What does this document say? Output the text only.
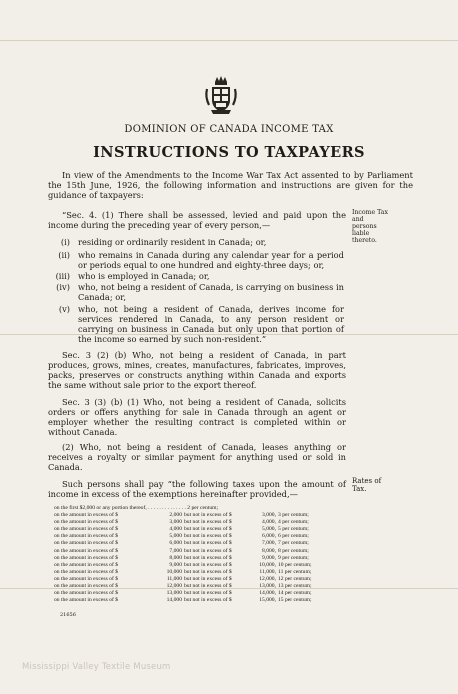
DOMINION OF CANADA INCOME TAX
INSTRUCTIONS TO TAXPAYERS

In view of the Amendments to the Income War Tax Act assented to by Parliament the 15th June, 1926, the following information and instructions are given for the guidance of taxpayers:

“Sec. 4. (1) There shall be assessed, levied and paid upon the income during the preceding year of every person,—

Income Tax and persons liable thereto.
(i) residing or ordinarily resident in Canada; or,
(ii) who remains in Canada during any calendar year for a period or periods equal to one hundred and eighty-three days; or,
(iii) who is employed in Canada; or,
(iv) who, not being a resident of Canada, is carrying on business in Canada; or,
(v) who, not being a resident of Canada, derives income for services rendered in Canada, to any person resident or carrying on business in Canada but only upon that portion of the income so earned by such non-resident.”

Sec. 3 (2) (b) Who, not being a resident of Canada, in part produces, grows, mines, creates, manufactures, fabricates, improves, packs, preserves or constructs anything within Canada and exports the same without sale prior to the export thereof.

Sec. 3 (3) (b) (1) Who, not being a resident of Canada, solicits orders or offers anything for sale in Canada through an agent or employer whether the resulting contract is completed within or without Canada.

(2) Who, not being a resident of Canada, leases anything or receives a royalty or similar payment for anything used or sold in Canada.

Such persons shall pay “the following taxes upon the amount of income in excess of the exemptions hereinafter provided,—

Rates of Tax.
on the first $2,000 or any portion thereof, . . . . . . . . . . . . . . 2 per centum;
on the amount in excess of $	2,000 but not in excess of $	3,000, 3 per centum;
on the amount in excess of $	3,000 but not in excess of $	4,000, 4 per centum;
on the amount in excess of $	4,000 but not in excess of $	5,000, 5 per centum;
on the amount in excess of $	5,000 but not in excess of $	6,000, 6 per centum;
on the amount in excess of $	6,000 but not in excess of $	7,000, 7 per centum;
on the amount in excess of $	7,000 but not in excess of $	8,000, 8 per centum;
on the amount in excess of $	8,000 but not in excess of $	9,000, 9 per centum;
on the amount in excess of $	9,000 but not in excess of $	10,000, 10 per centum;
on the amount in excess of $	10,000 but not in excess of $	11,000, 11 per centum;
on the amount in excess of $	11,000 but not in excess of $	12,000, 12 per centum;
on the amount in excess of $	12,000 but not in excess of $	13,000, 13 per centum;
on the amount in excess of $	13,000 but not in excess of $	14,000, 14 per centum;
on the amount in excess of $	14,000 but not in excess of $	15,000, 15 per centum;
21656
Mississippi Valley Textile Museum
